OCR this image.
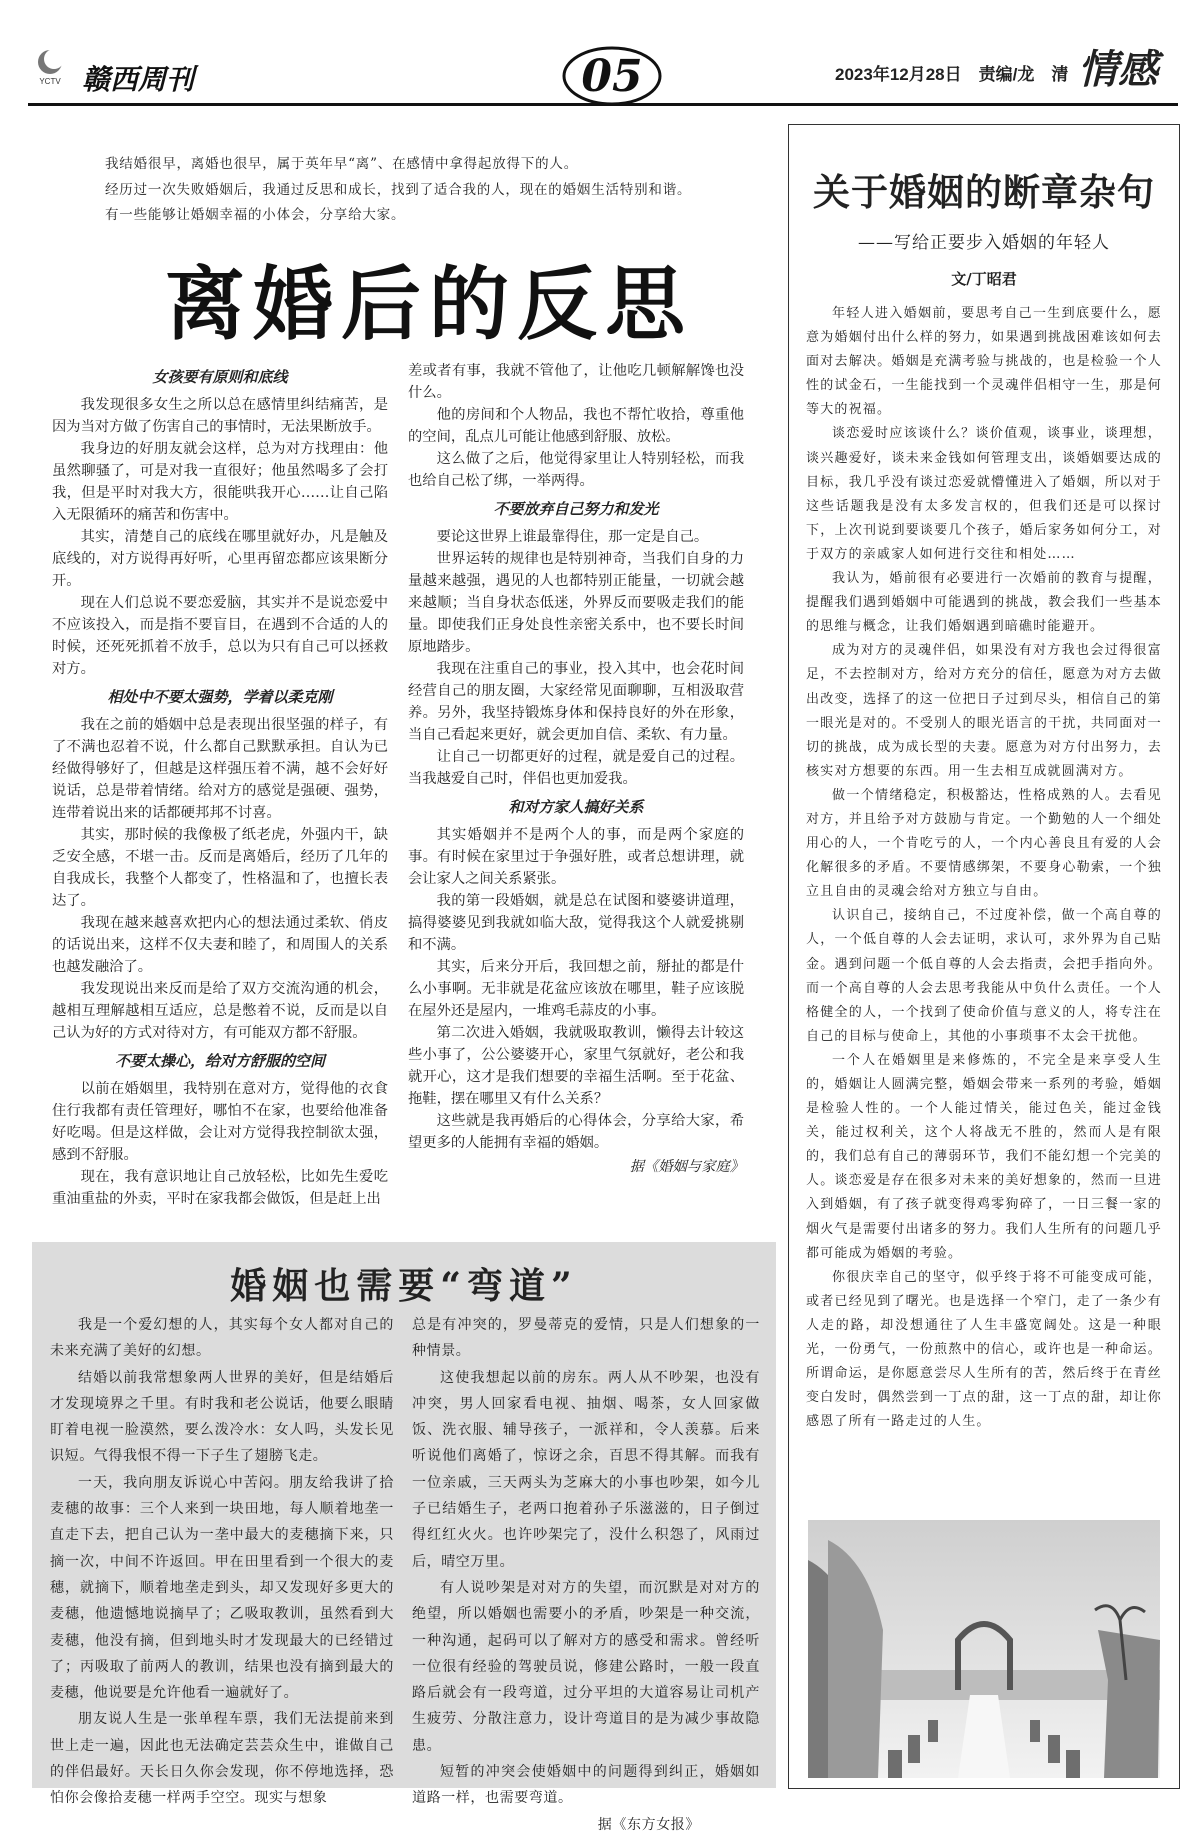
YCTV 赣西周刊	05	2023年12月28日　责编/龙　清 情感

我结婚很早，离婚也很早，属于英年早“离”、在感情中拿得起放得下的人。

经历过一次失败婚姻后，我通过反思和成长，找到了适合我的人，现在的婚姻生活特别和谐。

有一些能够让婚姻幸福的小体会，分享给大家。

离婚后的反思
女孩要有原则和底线

我发现很多女生之所以总在感情里纠结痛苦，是因为当对方做了伤害自己的事情时，无法果断放手。

我身边的好朋友就会这样，总为对方找理由：他虽然聊骚了，可是对我一直很好；他虽然喝多了会打我，但是平时对我大方，很能哄我开心……让自己陷入无限循环的痛苦和伤害中。

其实，清楚自己的底线在哪里就好办，凡是触及底线的，对方说得再好听，心里再留恋都应该果断分开。

现在人们总说不要恋爱脑，其实并不是说恋爱中不应该投入，而是指不要盲目，在遇到不合适的人的时候，还死死抓着不放手，总以为只有自己可以拯救对方。

相处中不要太强势，学着以柔克刚

我在之前的婚姻中总是表现出很坚强的样子，有了不满也忍着不说，什么都自己默默承担。自认为已经做得够好了，但越是这样强压着不满，越不会好好说话，总是带着情绪。给对方的感觉是强硬、强势，连带着说出来的话都硬邦邦不讨喜。

其实，那时候的我像极了纸老虎，外强内干，缺乏安全感，不堪一击。反而是离婚后，经历了几年的自我成长，我整个人都变了，性格温和了，也擅长表达了。

我现在越来越喜欢把内心的想法通过柔软、俏皮的话说出来，这样不仅夫妻和睦了，和周围人的关系也越发融洽了。

我发现说出来反而是给了双方交流沟通的机会，越相互理解越相互适应，总是憋着不说，反而是以自己认为好的方式对待对方，有可能双方都不舒服。

不要太操心，给对方舒服的空间

以前在婚姻里，我特别在意对方，觉得他的衣食住行我都有责任管理好，哪怕不在家，也要给他准备好吃喝。但是这样做，会让对方觉得我控制欲太强，感到不舒服。

现在，我有意识地让自己放轻松，比如先生爱吃重油重盐的外卖，平时在家我都会做饭，但是赶上出

差或者有事，我就不管他了，让他吃几顿解解馋也没什么。

他的房间和个人物品，我也不帮忙收拾，尊重他的空间，乱点儿可能让他感到舒服、放松。

这么做了之后，他觉得家里让人特别轻松，而我也给自己松了绑，一举两得。

不要放弃自己努力和发光

要论这世界上谁最靠得住，那一定是自己。

世界运转的规律也是特别神奇，当我们自身的力量越来越强，遇见的人也都特别正能量，一切就会越来越顺；当自身状态低迷，外界反而要吸走我们的能量。即使我们正身处良性亲密关系中，也不要长时间原地踏步。

我现在注重自己的事业，投入其中，也会花时间经营自己的朋友圈，大家经常见面聊聊，互相汲取营养。另外，我坚持锻炼身体和保持良好的外在形象，当自己看起来更好，就会更加自信、柔软、有力量。

让自己一切都更好的过程，就是爱自己的过程。当我越爱自己时，伴侣也更加爱我。

和对方家人搞好关系

其实婚姻并不是两个人的事，而是两个家庭的事。有时候在家里过于争强好胜，或者总想讲理，就会让家人之间关系紧张。

我的第一段婚姻，就是总在试图和婆婆讲道理，搞得婆婆见到我就如临大敌，觉得我这个人就爱挑剔和不满。

其实，后来分开后，我回想之前，掰扯的都是什么小事啊。无非就是花盆应该放在哪里，鞋子应该脱在屋外还是屋内，一堆鸡毛蒜皮的小事。

第二次进入婚姻，我就吸取教训，懒得去计较这些小事了，公公婆婆开心，家里气氛就好，老公和我就开心，这才是我们想要的幸福生活啊。至于花盆、拖鞋，摆在哪里又有什么关系？

这些就是我再婚后的心得体会，分享给大家，希望更多的人能拥有幸福的婚姻。

据《婚姻与家庭》

婚姻也需要“弯道”

我是一个爱幻想的人，其实每个女人都对自己的未来充满了美好的幻想。

结婚以前我常想象两人世界的美好，但是结婚后才发现境界之千里。有时我和老公说话，他要么眼睛盯着电视一脸漠然，要么泼冷水：女人吗，头发长见识短。气得我恨不得一下子生了翅膀飞走。

一天，我向朋友诉说心中苦闷。朋友给我讲了拾麦穗的故事：三个人来到一块田地，每人顺着地垄一直走下去，把自己认为一垄中最大的麦穗摘下来，只摘一次，中间不许返回。甲在田里看到一个很大的麦穗，就摘下，顺着地垄走到头，却又发现好多更大的麦穗，他遗憾地说摘早了；乙吸取教训，虽然看到大麦穗，他没有摘，但到地头时才发现最大的已经错过了；丙吸取了前两人的教训，结果也没有摘到最大的麦穗，他说要是允许他看一遍就好了。

朋友说人生是一张单程车票，我们无法提前来到世上走一遍，因此也无法确定芸芸众生中，谁做自己的伴侣最好。天长日久你会发现，你不停地选择，恐怕你会像拾麦穗一样两手空空。现实与想象

总是有冲突的，罗曼蒂克的爱情，只是人们想象的一种情景。

这使我想起以前的房东。两人从不吵架，也没有冲突，男人回家看电视、抽烟、喝茶，女人回家做饭、洗衣服、辅导孩子，一派祥和，令人羡慕。后来听说他们离婚了，惊讶之余，百思不得其解。而我有一位亲戚，三天两头为芝麻大的小事也吵架，如今儿子已结婚生子，老两口抱着孙子乐滋滋的，日子倒过得红红火火。也许吵架完了，没什么积怨了，风雨过后，晴空万里。

有人说吵架是对对方的失望，而沉默是对对方的绝望，所以婚姻也需要小的矛盾，吵架是一种交流，一种沟通，起码可以了解对方的感受和需求。曾经听一位很有经验的驾驶员说，修建公路时，一般一段直路后就会有一段弯道，过分平坦的大道容易让司机产生疲劳、分散注意力，设计弯道目的是为减少事故隐患。

短暂的冲突会使婚姻中的问题得到纠正，婚姻如道路一样，也需要弯道。

据《东方女报》

关于婚姻的断章杂句
——写给正要步入婚姻的年轻人
文/丁昭君

年轻人进入婚姻前，要思考自己一生到底要什么，愿意为婚姻付出什么样的努力，如果遇到挑战困难该如何去面对去解决。婚姻是充满考验与挑战的，也是检验一个人性的试金石，一生能找到一个灵魂伴侣相守一生，那是何等大的祝福。

谈恋爱时应该谈什么？谈价值观，谈事业，谈理想，谈兴趣爱好，谈未来金钱如何管理支出，谈婚姻要达成的目标，我几乎没有谈过恋爱就懵懂进入了婚姻，所以对于这些话题我是没有太多发言权的，但我们还是可以探讨下，上次刊说到要谈要几个孩子，婚后家务如何分工，对于双方的亲戚家人如何进行交往和相处……

我认为，婚前很有必要进行一次婚前的教育与提醒，提醒我们遇到婚姻中可能遇到的挑战，教会我们一些基本的思维与概念，让我们婚姻遇到暗礁时能避开。

成为对方的灵魂伴侣，如果没有对方我也会过得很富足，不去控制对方，给对方充分的信任，愿意为对方去做出改变，选择了的这一位把日子过到尽头，相信自己的第一眼光是对的。不受别人的眼光语言的干扰，共同面对一切的挑战，成为成长型的夫妻。愿意为对方付出努力，去核实对方想要的东西。用一生去相互成就圆满对方。

做一个情绪稳定，积极豁达，性格成熟的人。去看见对方，并且给予对方鼓励与肯定。一个勤勉的人一个细处用心的人，一个肯吃亏的人，一个内心善良且有爱的人会化解很多的矛盾。不要情感绑架，不要身心勒索，一个独立且自由的灵魂会给对方独立与自由。

认识自己，接纳自己，不过度补偿，做一个高自尊的人，一个低自尊的人会去证明，求认可，求外界为自己贴金。遇到问题一个低自尊的人会去指责，会把手指向外。而一个高自尊的人会去思考我能从中负什么责任。一个人格健全的人，一个找到了使命价值与意义的人，将专注在自己的目标与使命上，其他的小事琐事不太会干扰他。

一个人在婚姻里是来修炼的，不完全是来享受人生的，婚姻让人圆满完整，婚姻会带来一系列的考验，婚姻是检验人性的。一个人能过情关，能过色关，能过金钱关，能过权利关，这个人将战无不胜的，然而人是有限的，我们总有自己的薄弱环节，我们不能幻想一个完美的人。谈恋爱是存在很多对未来的美好想象的，然而一旦进入到婚姻，有了孩子就变得鸡零狗碎了，一日三餐一家的烟火气是需要付出诸多的努力。我们人生所有的问题几乎都可能成为婚姻的考验。

你很庆幸自己的坚守，似乎终于将不可能变成可能，或者已经见到了曙光。也是选择一个窄门，走了一条少有人走的路，却没想通往了人生丰盛宽阔处。这是一种眼光，一份勇气，一份煎熬中的信心，或许也是一种命运。所谓命运，是你愿意尝尽人生所有的苦，然后终于在青丝变白发时，偶然尝到一丁点的甜，这一丁点的甜，却让你感恩了所有一路走过的人生。
